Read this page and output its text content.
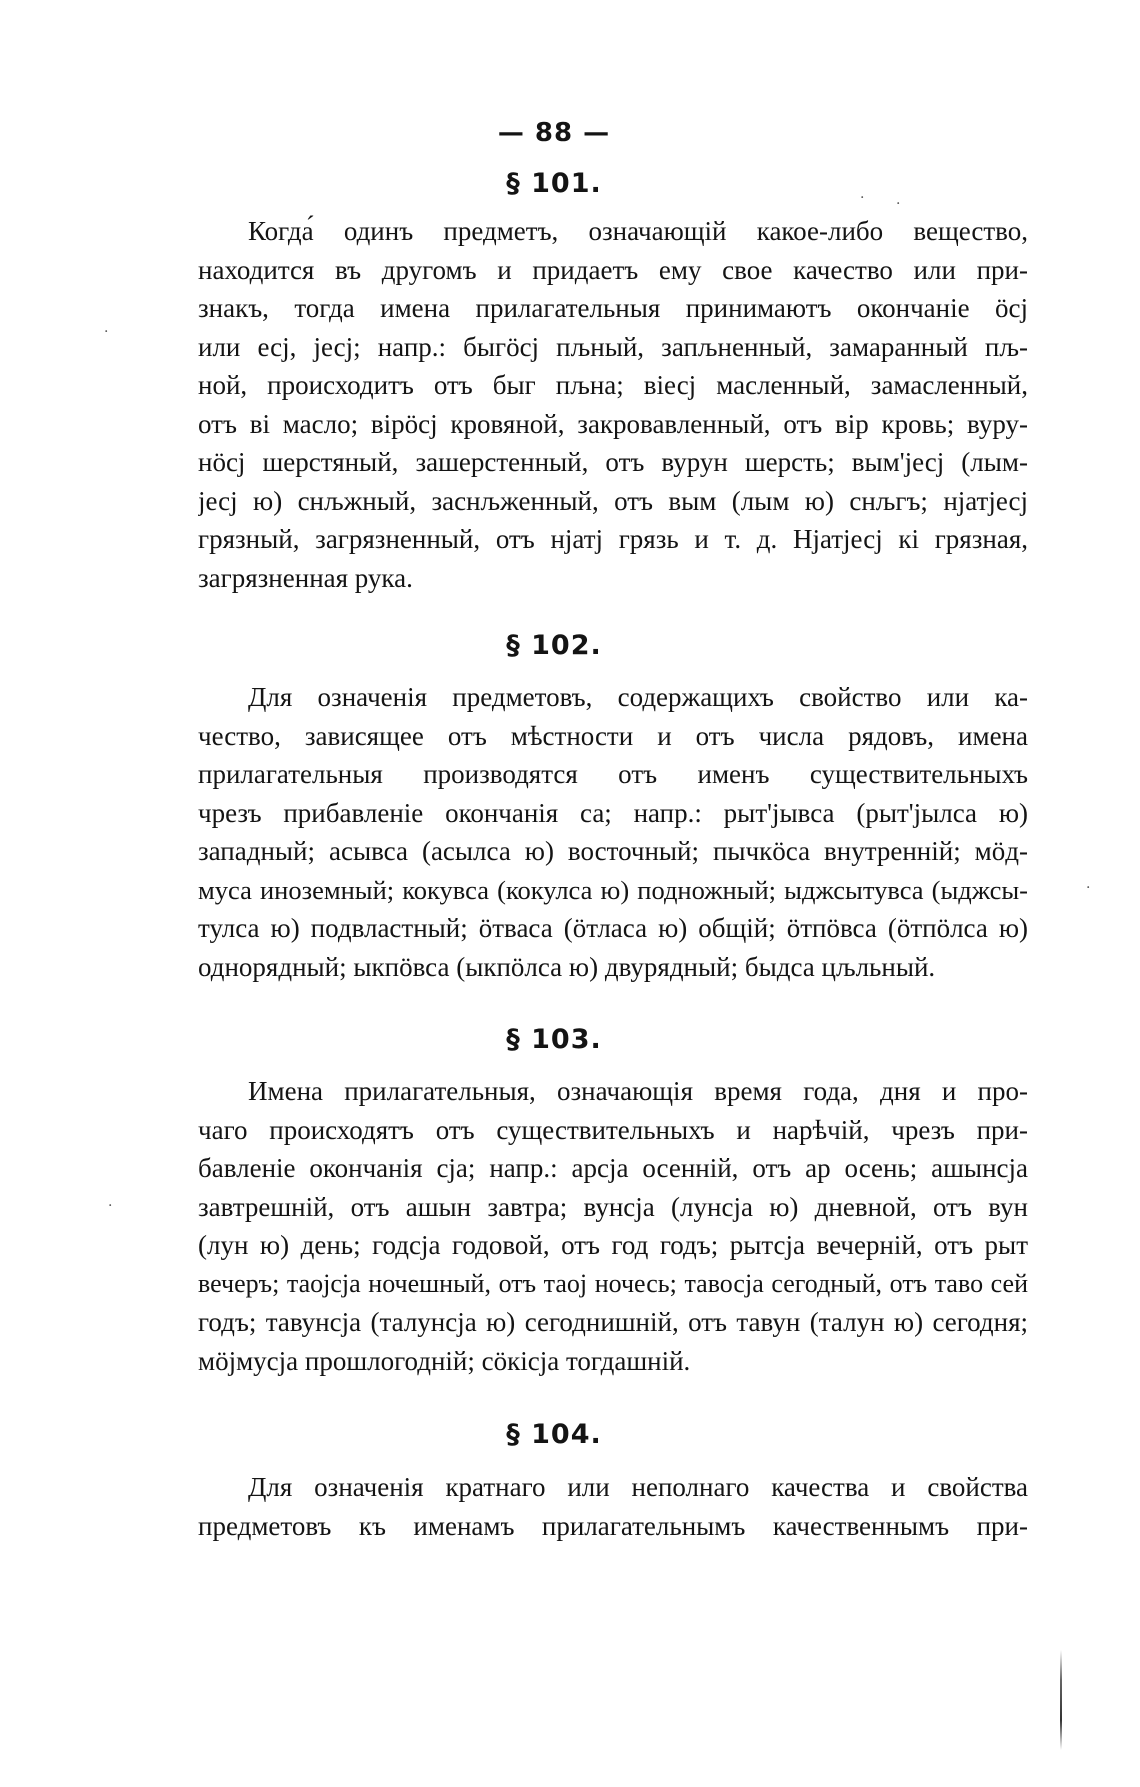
— 88 —
§ 101.
Когда́ одинъ предметъ, означающій какое-либо вещество,
находится въ другомъ и придаетъ ему свое качество или при-
знакъ, тогда имена прилагательныя принимаютъ окончаніе ӧсј
или есј, јесј; напр.: быгӧсј пљный, запљненный, замаранный пљ-
ной, происходитъ отъ быг пљна; віесј масленный, замасленный,
отъ ві масло; вірӧсј кровяной, закровавленный, отъ вір кровь; вуру-
нӧсј шерстяный, зашерстенный, отъ вурун шерсть; вым'јесј (лым-
јесј ю) снљжный, заснљженный, отъ вым (лым ю) снљгъ; нјатјесј
грязный, загрязненный, отъ нјатј грязь и т. д. Нјатјесј кі грязная,
загрязненная рука.
§ 102.
Для означенія предметовъ, содержащихъ свойство или ка-
чество, зависящее отъ мѣстности и отъ числа рядовъ, имена
прилагательныя производятся отъ именъ существительныхъ
чрезъ прибавленіе окончанія са; напр.: рыт'јывса (рыт'јылса ю)
западный; асывса (асылса ю) восточный; пычкӧса внутренній; мӧд-
муса иноземный; кокувса (кокулса ю) подножный; ыджсытувса (ыджсы-
тулса ю) подвластный; ӧтваса (ӧтласа ю) общій; ӧтпӧвса (ӧтпӧлса ю)
однорядный; ыкпӧвса (ыкпӧлса ю) двурядный; быдса цљльный.
§ 103.
Имена прилагательныя, означающія время года, дня и про-
чаго происходятъ отъ существительныхъ и нарѣчій, чрезъ при-
бавленіе окончанія сја; напр.: арсја осенній, отъ ар осень; ашынсја
завтрешній, отъ ашын завтра; вунсја (лунсја ю) дневной, отъ вун
(лун ю) день; годсја годовой, отъ год годъ; рытсја вечерній, отъ рыт
вечеръ; таојсја ночешный, отъ таој ночесь; тавосја сегодный, отъ таво сей
годъ; тавунсја (талунсја ю) сегоднишній, отъ тавун (талун ю) сегодня;
мӧјмусја прошлогодній; сӧкісја тогдашній.
§ 104.
Для означенія кратнаго или неполнаго качества и свойства
предметовъ къ именамъ прилагательнымъ качественнымъ при-
· ·
·
·
·
